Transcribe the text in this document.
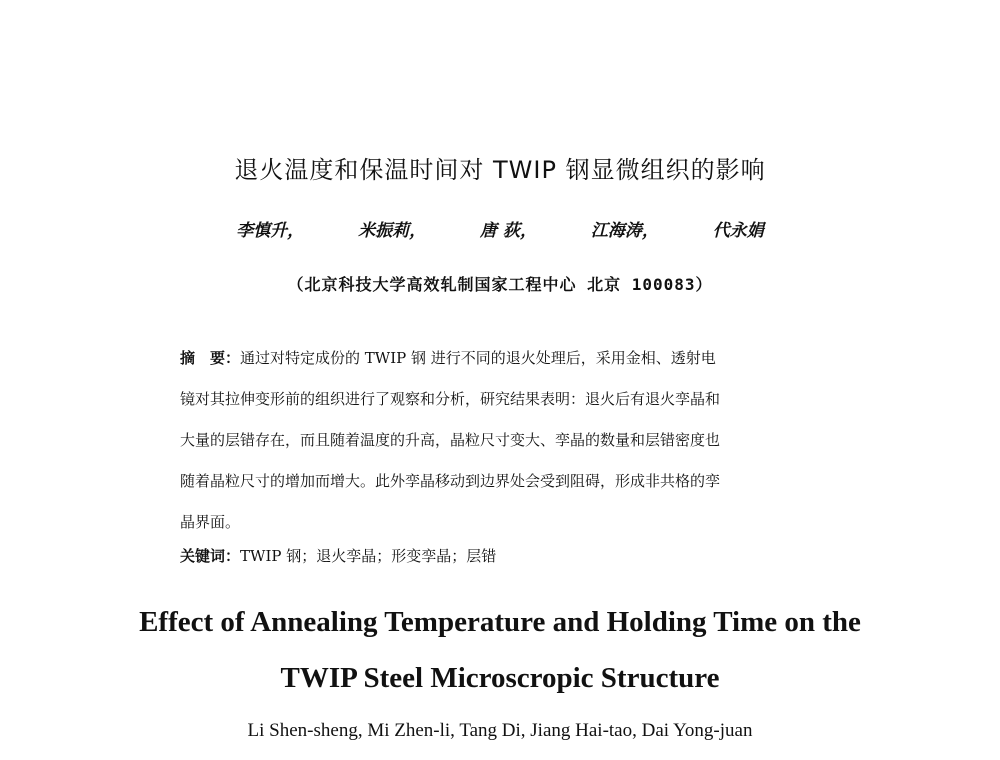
退火温度和保温时间对 TWIP 钢显微组织的影响
李慎升，	米振莉，	唐 荻，	江海涛，	代永娟
（北京科技大学高效轧制国家工程中心 北京 100083）
摘　要：通过对特定成份的 TWIP 钢 进行不同的退火处理后，采用金相、透射电
镜对其拉伸变形前的组织进行了观察和分析，研究结果表明：退火后有退火孪晶和
大量的层错存在，而且随着温度的升高，晶粒尺寸变大、孪晶的数量和层错密度也
随着晶粒尺寸的增加而增大。此外孪晶移动到边界处会受到阻碍，形成非共格的孪
晶界面。
关键词：TWIP 钢；退火孪晶；形变孪晶；层错
Effect of Annealing Temperature and Holding Time on the
TWIP Steel Microscropic Structure
Li Shen-sheng, Mi Zhen-li, Tang Di, Jiang Hai-tao, Dai Yong-juan
